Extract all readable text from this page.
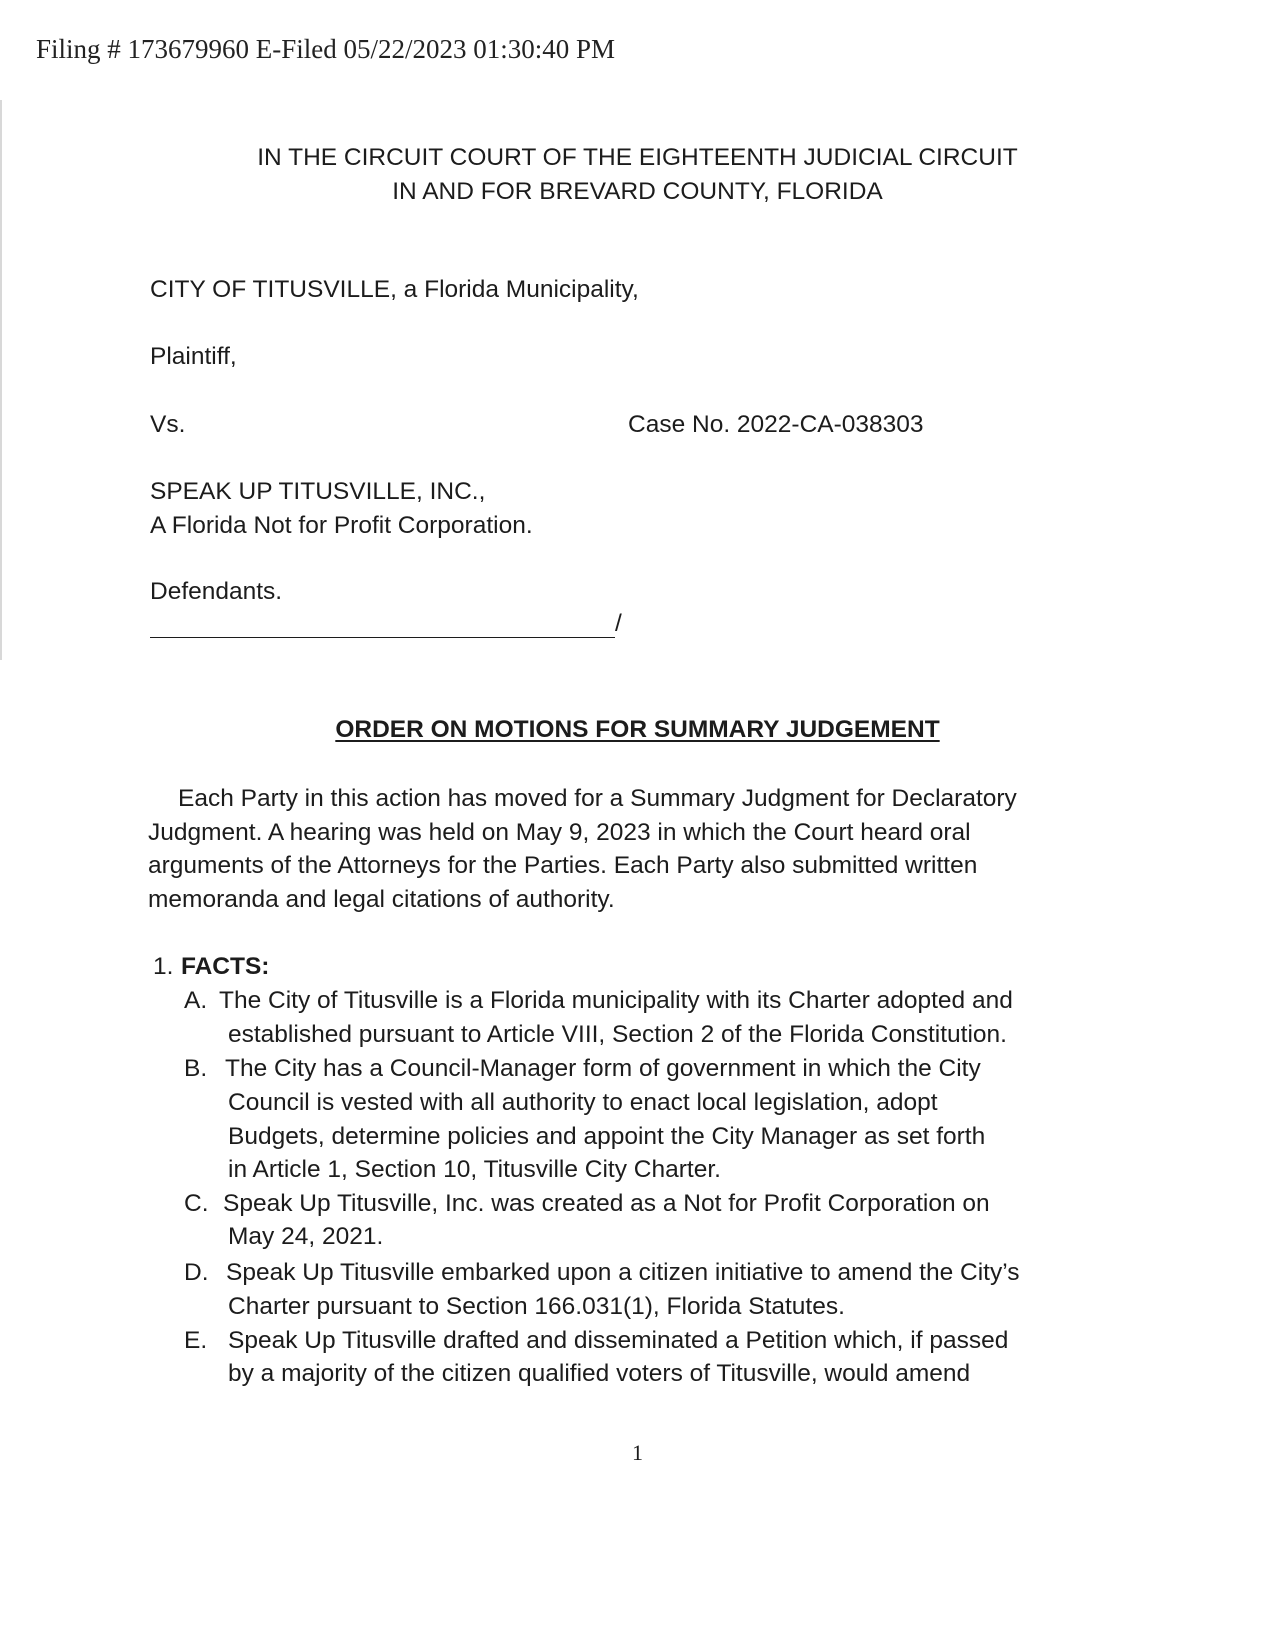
Filing # 173679960 E-Filed 05/22/2023 01:30:40 PM
IN THE CIRCUIT COURT OF THE EIGHTEENTH JUDICIAL CIRCUIT
IN AND FOR BREVARD COUNTY, FLORIDA
CITY OF TITUSVILLE, a Florida Municipality,
Plaintiff,
Vs.	Case No. 2022-CA-038303
SPEAK UP TITUSVILLE, INC.,
A Florida Not for Profit Corporation.
Defendants.
/
ORDER ON MOTIONS FOR SUMMARY JUDGEMENT
Each Party in this action has moved for a Summary Judgment for Declaratory
Judgment. A hearing was held on May 9, 2023 in which the Court heard oral
arguments of the Attorneys for the Parties. Each Party also submitted written
memoranda and legal citations of authority.
1. FACTS:
A. The City of Titusville is a Florida municipality with its Charter adopted and
established pursuant to Article VIII, Section 2 of the Florida Constitution.
B. The City has a Council-Manager form of government in which the City
Council is vested with all authority to enact local legislation, adopt
Budgets, determine policies and appoint the City Manager as set forth
in Article 1, Section 10, Titusville City Charter.
C. Speak Up Titusville, Inc. was created as a Not for Profit Corporation on
May 24, 2021.
D. Speak Up Titusville embarked upon a citizen initiative to amend the City’s
Charter pursuant to Section 166.031(1), Florida Statutes.
E. Speak Up Titusville drafted and disseminated a Petition which, if passed
by a majority of the citizen qualified voters of Titusville, would amend
1
